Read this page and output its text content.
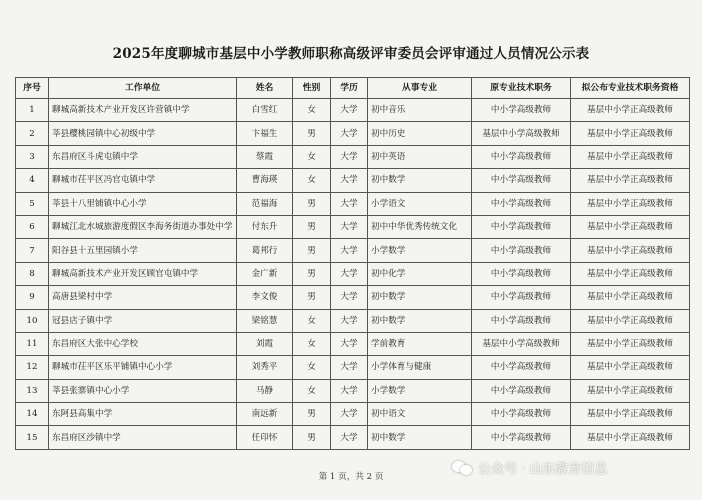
2025年度聊城市基层中小学教师职称高级评审委员会评审通过人员情况公示表
序号	工作单位	姓名	性别	学历	从事专业	原专业技术职务	拟公布专业技术职务资格
1	聊城高新技术产业开发区许营镇中学	白雪红	女	大学	初中音乐	中小学高级教师	基层中小学正高级教师
2	莘县樱桃园镇中心初级中学	卞福生	男	大学	初中历史	基层中小学高级教师	基层中小学正高级教师
3	东昌府区斗虎屯镇中学	蔡霞	女	大学	初中英语	中小学高级教师	基层中小学正高级教师
4	聊城市茌平区冯官屯镇中学	曹海瑛	女	大学	初中数学	中小学高级教师	基层中小学正高级教师
5	莘县十八里铺镇中心小学	范福海	男	大学	小学语文	中小学高级教师	基层中小学正高级教师
6	聊城江北水城旅游度假区李海务街道办事处中学	付东升	男	大学	初中中华优秀传统文化	中小学高级教师	基层中小学正高级教师
7	阳谷县十五里园镇小学	葛邦行	男	大学	小学数学	中小学高级教师	基层中小学正高级教师
8	聊城高新技术产业开发区顾官屯镇中学	金广新	男	大学	初中化学	中小学高级教师	基层中小学正高级教师
9	高唐县梁村中学	李文俊	男	大学	初中数学	中小学高级教师	基层中小学正高级教师
10	冠县店子镇中学	梁铭慧	女	大学	初中数学	中小学高级教师	基层中小学正高级教师
11	东昌府区大张中心学校	刘霞	女	大学	学前教育	基层中小学高级教师	基层中小学正高级教师
12	聊城市茌平区乐平铺镇中心小学	刘秀平	女	大学	小学体育与健康	中小学高级教师	基层中小学正高级教师
13	莘县张寨镇中心小学	马静	女	大学	小学数学	中小学高级教师	基层中小学正高级教师
14	东阿县高集中学	南远新	男	大学	初中语文	中小学高级教师	基层中小学正高级教师
15	东昌府区沙镇中学	任印怀	男	大学	初中数学	中小学高级教师	基层中小学正高级教师
第 1 页，共 2 页	公众号 · 山东教育信息
